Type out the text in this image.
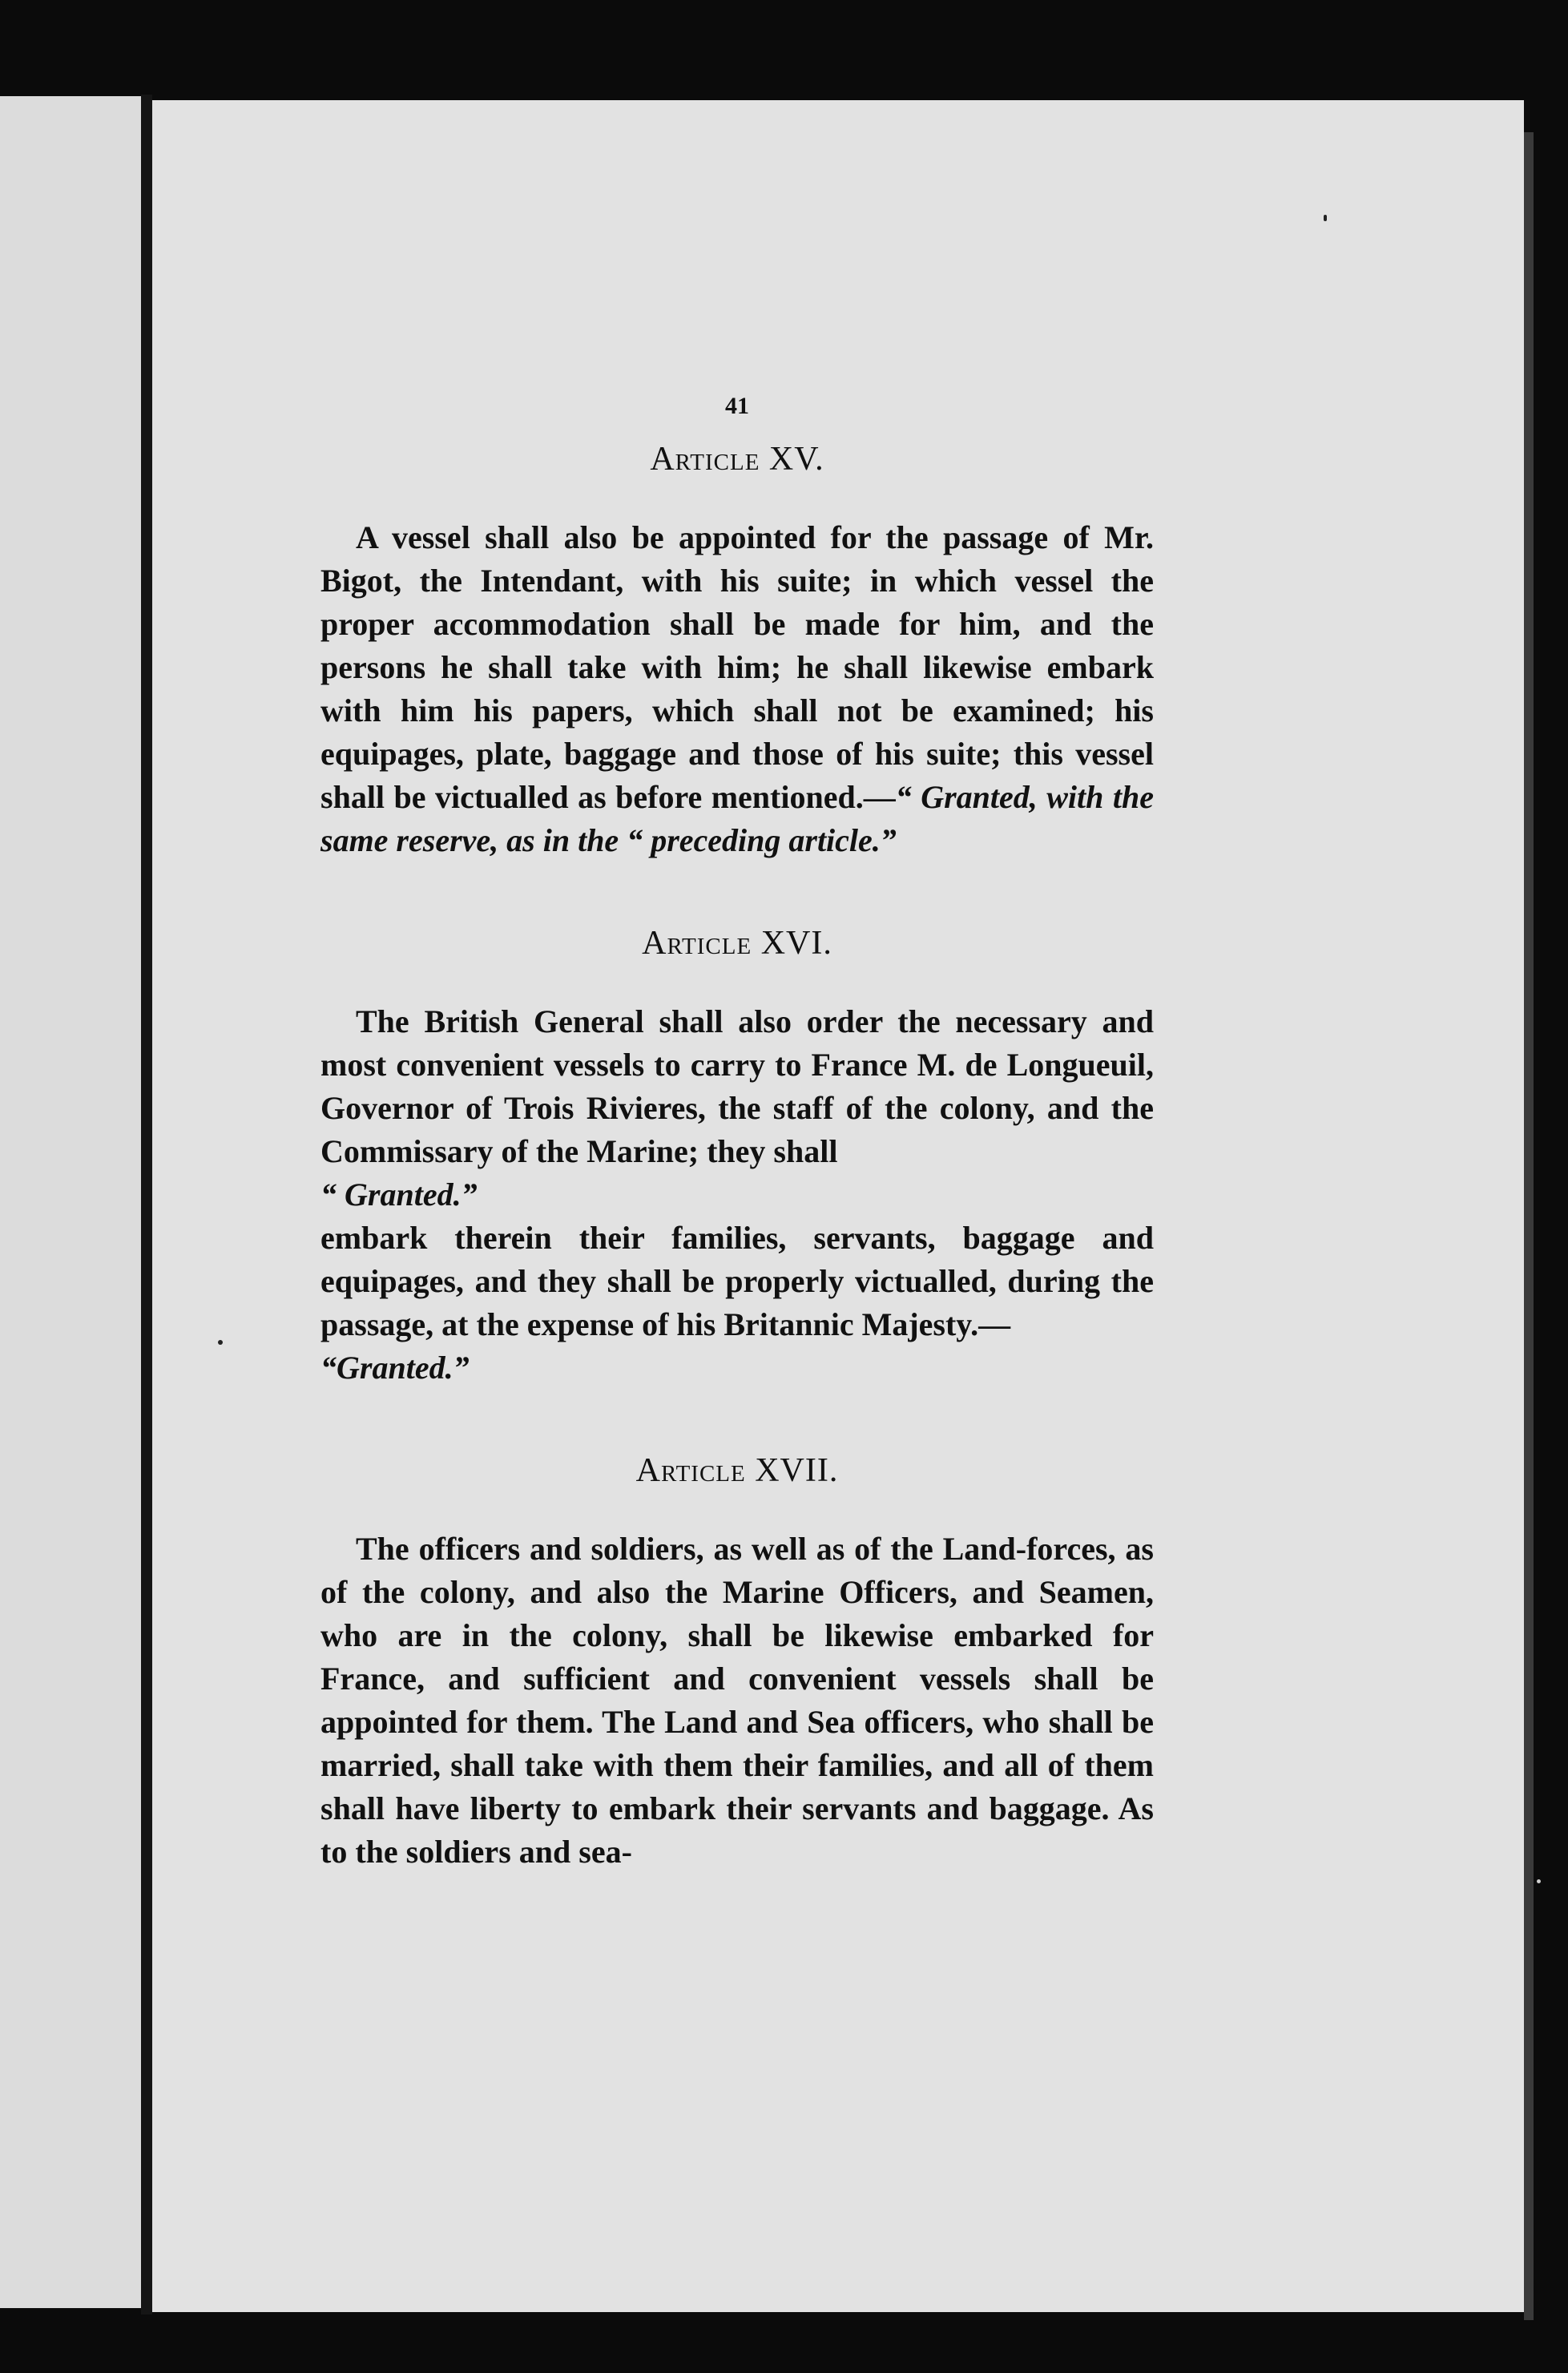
41
Article XV.

A vessel shall also be appointed for the passage of Mr. Bigot, the Intendant, with his suite; in which vessel the proper accommodation shall be made for him, and the persons he shall take with him; he shall likewise embark with him his papers, which shall not be examined; his equipages, plate, baggage and those of his suite; this vessel shall be victualled as before mentioned.—“ Granted, with the same reserve, as in the “ preceding article.”

Article XVI.

The British General shall also order the necessary and most convenient vessels to carry to France M. de Longueuil, Governor of Trois Rivieres, the staff of the colony, and the Commissary of the Marine; they shall

“ Granted.”

embark therein their families, servants, baggage and equipages, and they shall be properly victualled, during the passage, at the expense of his Britannic Majesty.—
“Granted.”

Article XVII.

The officers and soldiers, as well as of the Land-forces, as of the colony, and also the Marine Officers, and Seamen, who are in the colony, shall be likewise embarked for France, and sufficient and convenient vessels shall be appointed for them. The Land and Sea officers, who shall be married, shall take with them their families, and all of them shall have liberty to embark their servants and baggage. As to the soldiers and sea-
